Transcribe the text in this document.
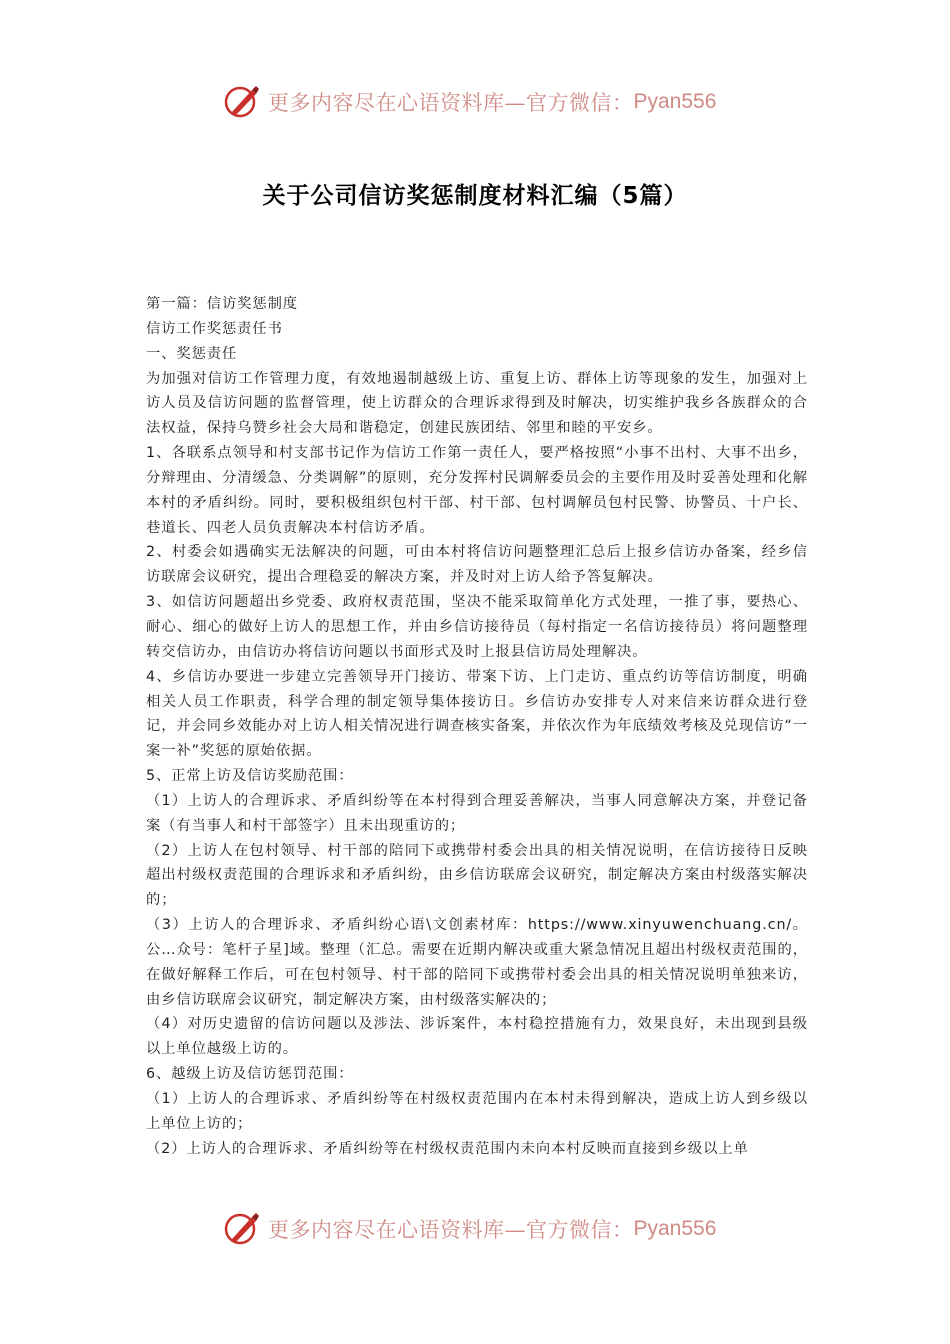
更多内容尽在心语资料库—官方微信： Pyan556
关于公司信访奖惩制度材料汇编（5篇）

第一篇：信访奖惩制度

信访工作奖惩责任书

一、奖惩责任

为加强对信访工作管理力度，有效地遏制越级上访、重复上访、群体上访等现象的发生，加强对上访人员及信访问题的监督管理，使上访群众的合理诉求得到及时解决，切实维护我乡各族群众的合法权益，保持乌赞乡社会大局和谐稳定，创建民族团结、邻里和睦的平安乡。

1、各联系点领导和村支部书记作为信访工作第一责任人，要严格按照“小事不出村、大事不出乡，分辩理由、分清缓急、分类调解”的原则，充分发挥村民调解委员会的主要作用及时妥善处理和化解本村的矛盾纠纷。同时，要积极组织包村干部、村干部、包村调解员包村民警、协警员、十户长、巷道长、四老人员负责解决本村信访矛盾。

2、村委会如遇确实无法解决的问题，可由本村将信访问题整理汇总后上报乡信访办备案，经乡信访联席会议研究，提出合理稳妥的解决方案，并及时对上访人给予答复解决。

3、如信访问题超出乡党委、政府权责范围，坚决不能采取简单化方式处理，一推了事，要热心、耐心、细心的做好上访人的思想工作，并由乡信访接待员（每村指定一名信访接待员）将问题整理转交信访办，由信访办将信访问题以书面形式及时上报县信访局处理解决。

4、乡信访办要进一步建立完善领导开门接访、带案下访、上门走访、重点约访等信访制度，明确相关人员工作职责，科学合理的制定领导集体接访日。乡信访办安排专人对来信来访群众进行登记，并会同乡效能办对上访人相关情况进行调查核实备案，并依次作为年底绩效考核及兑现信访“一案一补”奖惩的原始依据。

5、正常上访及信访奖励范围：

（1）上访人的合理诉求、矛盾纠纷等在本村得到合理妥善解决，当事人同意解决方案，并登记备案（有当事人和村干部签字）且未出现重访的；

（2）上访人在包村领导、村干部的陪同下或携带村委会出具的相关情况说明，在信访接待日反映超出村级权责范围的合理诉求和矛盾纠纷，由乡信访联席会议研究，制定解决方案由村级落实解决的；

（3）上访人的合理诉求、矛盾纠纷心语\文创素材库：https://www.xinyuwenchuang.cn/。公…众号：笔杆子星]域。整理（汇总。需要在近期内解决或重大紧急情况且超出村级权责范围的，在做好解释工作后，可在包村领导、村干部的陪同下或携带村委会出具的相关情况说明单独来访，由乡信访联席会议研究，制定解决方案，由村级落实解决的；

（4）对历史遗留的信访问题以及涉法、涉诉案件，本村稳控措施有力，效果良好，未出现到县级以上单位越级上访的。

6、越级上访及信访惩罚范围：

（1）上访人的合理诉求、矛盾纠纷等在村级权责范围内在本村未得到解决，造成上访人到乡级以上单位上访的；

（2）上访人的合理诉求、矛盾纠纷等在村级权责范围内未向本村反映而直接到乡级以上单

更多内容尽在心语资料库—官方微信： Pyan556
